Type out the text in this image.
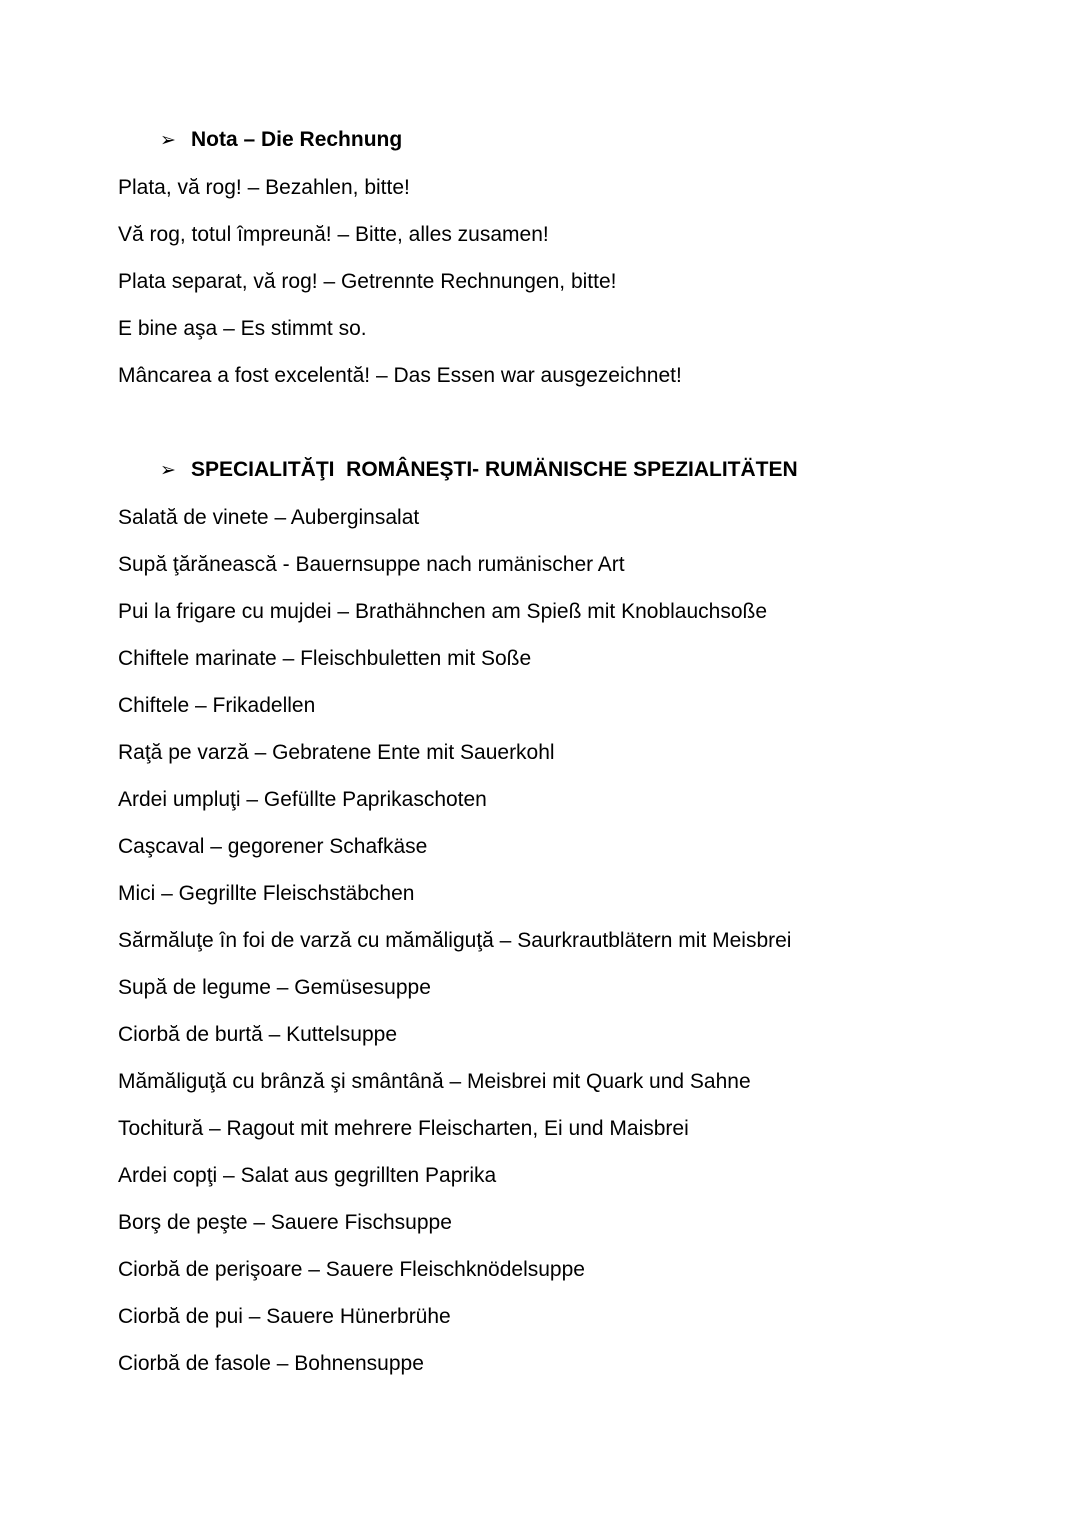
➢ Nota – Die Rechnung

Plata, vă rog! – Bezahlen, bitte!

Vă rog, totul împreună! – Bitte, alles zusamen!

Plata separat, vă rog! – Getrennte Rechnungen, bitte!

E bine aşa – Es stimmt so.

Mâncarea a fost excelentă! – Das Essen war ausgezeichnet!

➢ SPECIALITĂŢI  ROMÂNEŞTI- RUMÄNISCHE SPEZIALITÄTEN

Salată de vinete – Auberginsalat

Supă ţărănească - Bauernsuppe nach rumänischer Art

Pui la frigare cu mujdei – Brathähnchen am Spieß mit Knoblauchsoße

Chiftele marinate – Fleischbuletten mit Soße

Chiftele – Frikadellen

Raţă pe varză – Gebratene Ente mit Sauerkohl

Ardei umpluţi – Gefüllte Paprikaschoten

Caşcaval – gegorener Schafkäse

Mici – Gegrillte Fleischstäbchen

Sărmăluţe în foi de varză cu mămăliguţă – Saurkrautblätern mit Meisbrei

Supă de legume – Gemüsesuppe

Ciorbă de burtă – Kuttelsuppe

Mămăliguţă cu brânză şi smântână – Meisbrei mit Quark und Sahne

Tochitură – Ragout mit mehrere Fleischarten, Ei und Maisbrei

Ardei copţi – Salat aus gegrillten Paprika

Borş de peşte – Sauere Fischsuppe

Ciorbă de perişoare – Sauere Fleischknödelsuppe

Ciorbă de pui – Sauere Hünerbrühe

Ciorbă de fasole – Bohnensuppe
